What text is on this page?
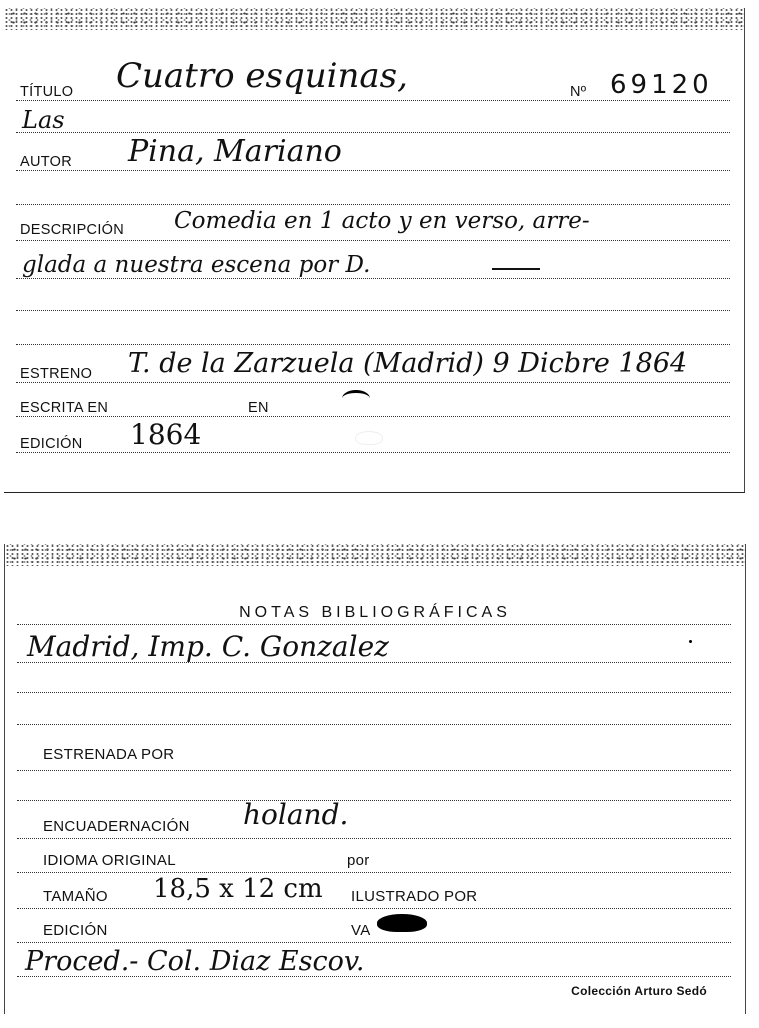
TÍTULO Cuatro esquinas,	Nº 69120
Las
AUTOR Pina, Mariano
DESCRIPCIÓN Comedia en 1 acto y en verso, arre-
glada a nuestra escena por D.
ESTRENO T. de la Zarzuela (Madrid) 9 Dicbre 1864
ESCRITA EN	EN
EDICIÓN 1864
NOTAS BIBLIOGRÁFICAS
Madrid, Imp. C. Gonzalez
ESTRENADA POR
ENCUADERNACIÓN holand.
IDIOMA ORIGINAL	por
TAMAÑO 18,5 x 12 cm ILUSTRADO POR
EDICIÓN	VA
Proced.- Col. Diaz Escov.
Colección Arturo Sedó
